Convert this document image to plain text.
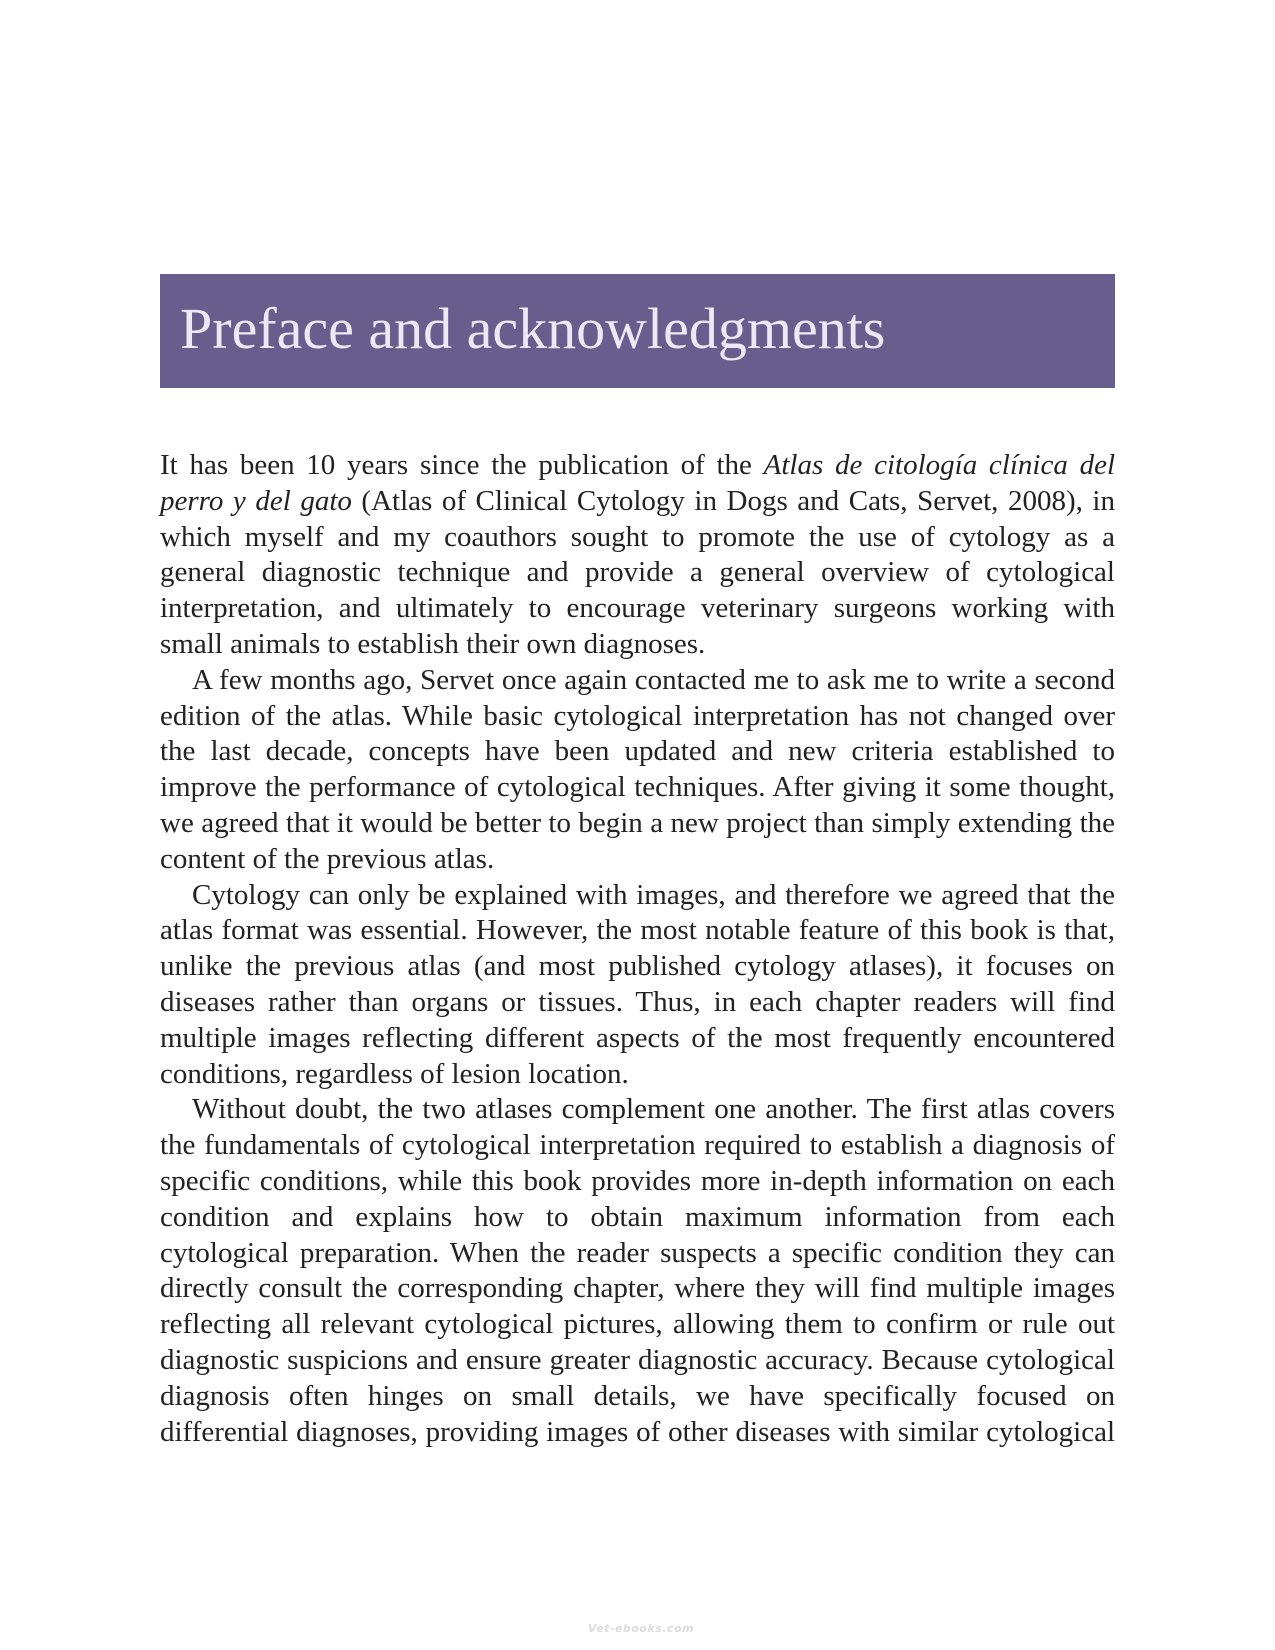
Preface and acknowledgments

It has been 10 years since the publication of the Atlas de citología clínica del perro y del gato (Atlas of Clinical Cytology in Dogs and Cats, Servet, 2008), in which myself and my coauthors sought to promote the use of cytology as a general diagnostic technique and provide a general overview of cytological interpretation, and ultimately to encourage veterinary surgeons working with small animals to establish their own diagnoses.

A few months ago, Servet once again contacted me to ask me to write a second edition of the atlas. While basic cytological interpretation has not changed over the last decade, concepts have been updated and new criteria established to improve the performance of cytological techniques. After giving it some thought, we agreed that it would be better to begin a new project than simply extending the content of the previous atlas.

Cytology can only be explained with images, and therefore we agreed that the atlas format was essential. However, the most notable feature of this book is that, unlike the previous atlas (and most published cytology atlases), it focuses on diseases rather than organs or tissues. Thus, in each chapter readers will find multiple images reflecting different aspects of the most frequently encountered conditions, regardless of lesion location.

Without doubt, the two atlases complement one another. The first atlas covers the fundamentals of cytological interpretation required to establish a diagnosis of specific conditions, while this book provides more in-depth information on each condition and explains how to obtain maximum information from each cytological preparation. When the reader suspects a specific condition they can directly consult the corresponding chapter, where they will find multiple images reflecting all relevant cytological pictures, allowing them to confirm or rule out diagnostic suspicions and ensure greater diagnostic accuracy. Because cytological diagnosis often hinges on small details, we have specifically focused on differential diagnoses, providing images of other diseases with similar cytological

Vet-ebooks.com
